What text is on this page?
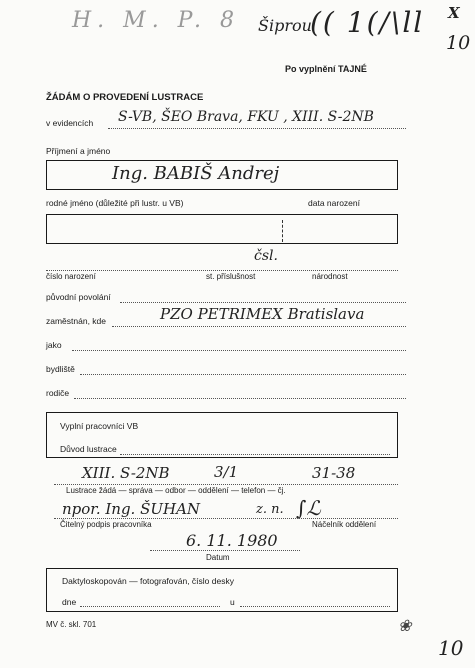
H. M. P. 8 Šiprou
(( 1(/\ll X
10
Po vyplnění TAJNÉ
ŽÁDÁM O PROVEDENÍ LUSTRACE
v evidencích S-VB, ŠEO Brava, FKU , XIII. S-2NB
Příjmení a jméno
Ing. BABIŠ Andrej
rodné jméno (důležité při lustr. u VB)	data narození
čsl.
číslo narození	st. příslušnost	národnost
původní povolání
zaměstnán, kde	PZO PETRIMEX Bratislava
jako
bydliště
rodiče
Vyplní pracovníci VB
Důvod lustrace
XIII. S-2NB	3/1	31-38
Lustrace žádá — správa — odbor — oddělení — telefon — čj.
npor. Ing. ŠUHAN	z. n. ∫ℒ
Čitelný podpis pracovníka	Náčelník oddělení
6. 11. 1980
Datum
Daktyloskopován — fotografován, číslo desky
dne	u
MV č. skl. 701	❀
10
